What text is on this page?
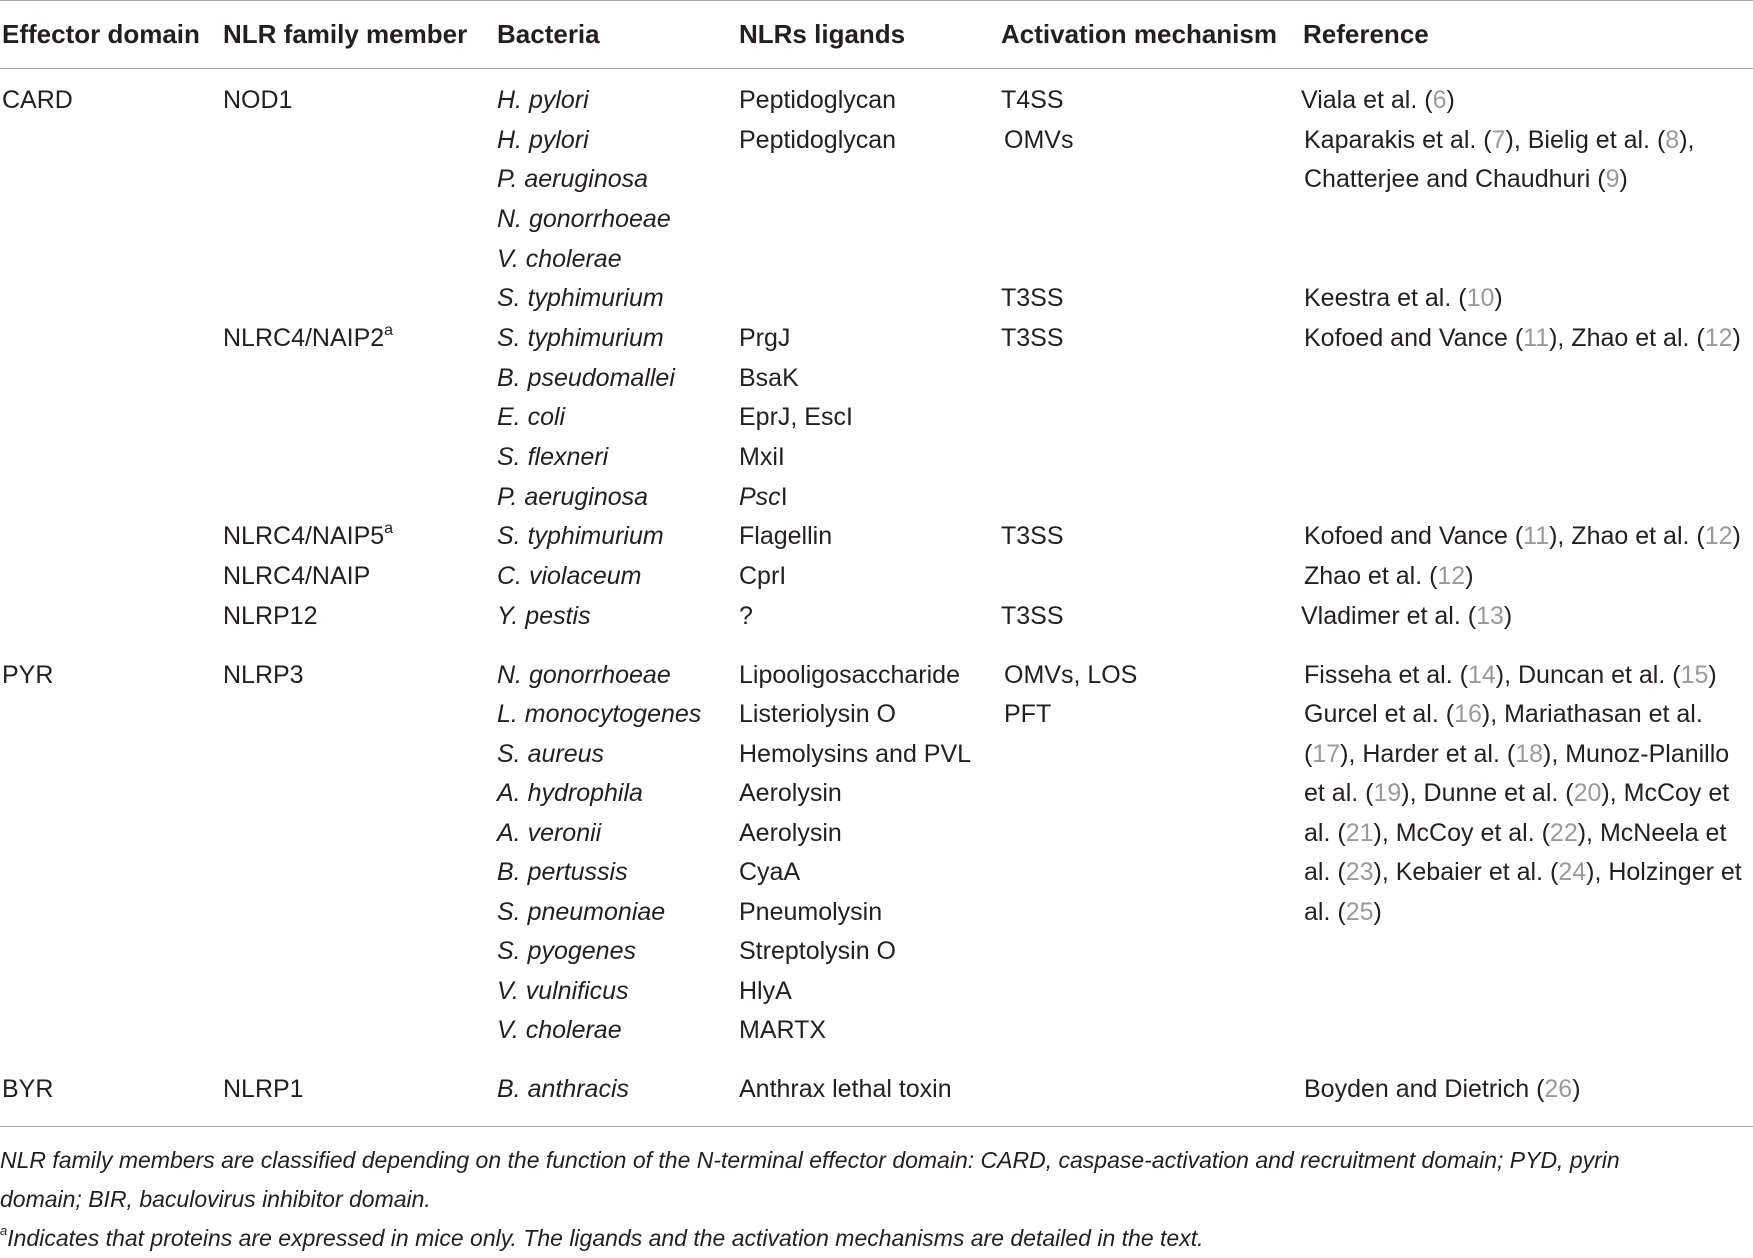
Effector domain NLR family member Bacteria	NLRs ligands	Activation mechanism Reference
CARD
PYR
BYR
NOD1
NLRC4/NAIP2$^a$
NLRC4/NAIP5$^a$
NLRC4/NAIP
NLRP12
NLRP3
NLRP1
H. pylori
H. pylori
P. aeruginosa
N. gonorrhoeae
V. cholerae
S. typhimurium
S. typhimurium
B. pseudomallei
E. coli
S. flexneri
P. aeruginosa
S. typhimurium
C. violaceum
Y. pestis
N. gonorrhoeae
L. monocytogenes
S. aureus
A. hydrophila
A. veronii
B. pertussis
S. pneumoniae
S. pyogenes
V. vulnificus
V. cholerae
B. anthracis
Peptidoglycan
Peptidoglycan
PrgJ
BsaK
EprJ, EscI
MxiI
PscI
Flagellin
CprI
?
Lipooligosaccharide
Listeriolysin O
Hemolysins and PVL
Aerolysin
Aerolysin
CyaA
Pneumolysin
Streptolysin O
HlyA
MARTX
Anthrax lethal toxin
T4SS
OMVs
T3SS
T3SS
T3SS
T3SS
OMVs, LOS
PFT
Viala et al. (6)
Kaparakis et al. (7), Bielig et al. (8),
Chatterjee and Chaudhuri (9)
Keestra et al. (10)
Kofoed and Vance (11), Zhao et al. (12)
Kofoed and Vance (11), Zhao et al. (12)
Zhao et al. (12)
Vladimer et al. (13)
Fisseha et al. (14), Duncan et al. (15)
Gurcel et al. (16), Mariathasan et al.
(17), Harder et al. (18), Munoz-Planillo
et al. (19), Dunne et al. (20), McCoy et
al. (21), McCoy et al. (22), McNeela et
al. (23), Kebaier et al. (24), Holzinger et
al. (25)
Boyden and Dietrich (26)
NLR family members are classified depending on the function of the N-terminal effector domain: CARD, caspase-activation and recruitment domain; PYD, pyrin
domain; BIR, baculovirus inhibitor domain.
$^a$Indicates that proteins are expressed in mice only. The ligands and the activation mechanisms are detailed in the text.
